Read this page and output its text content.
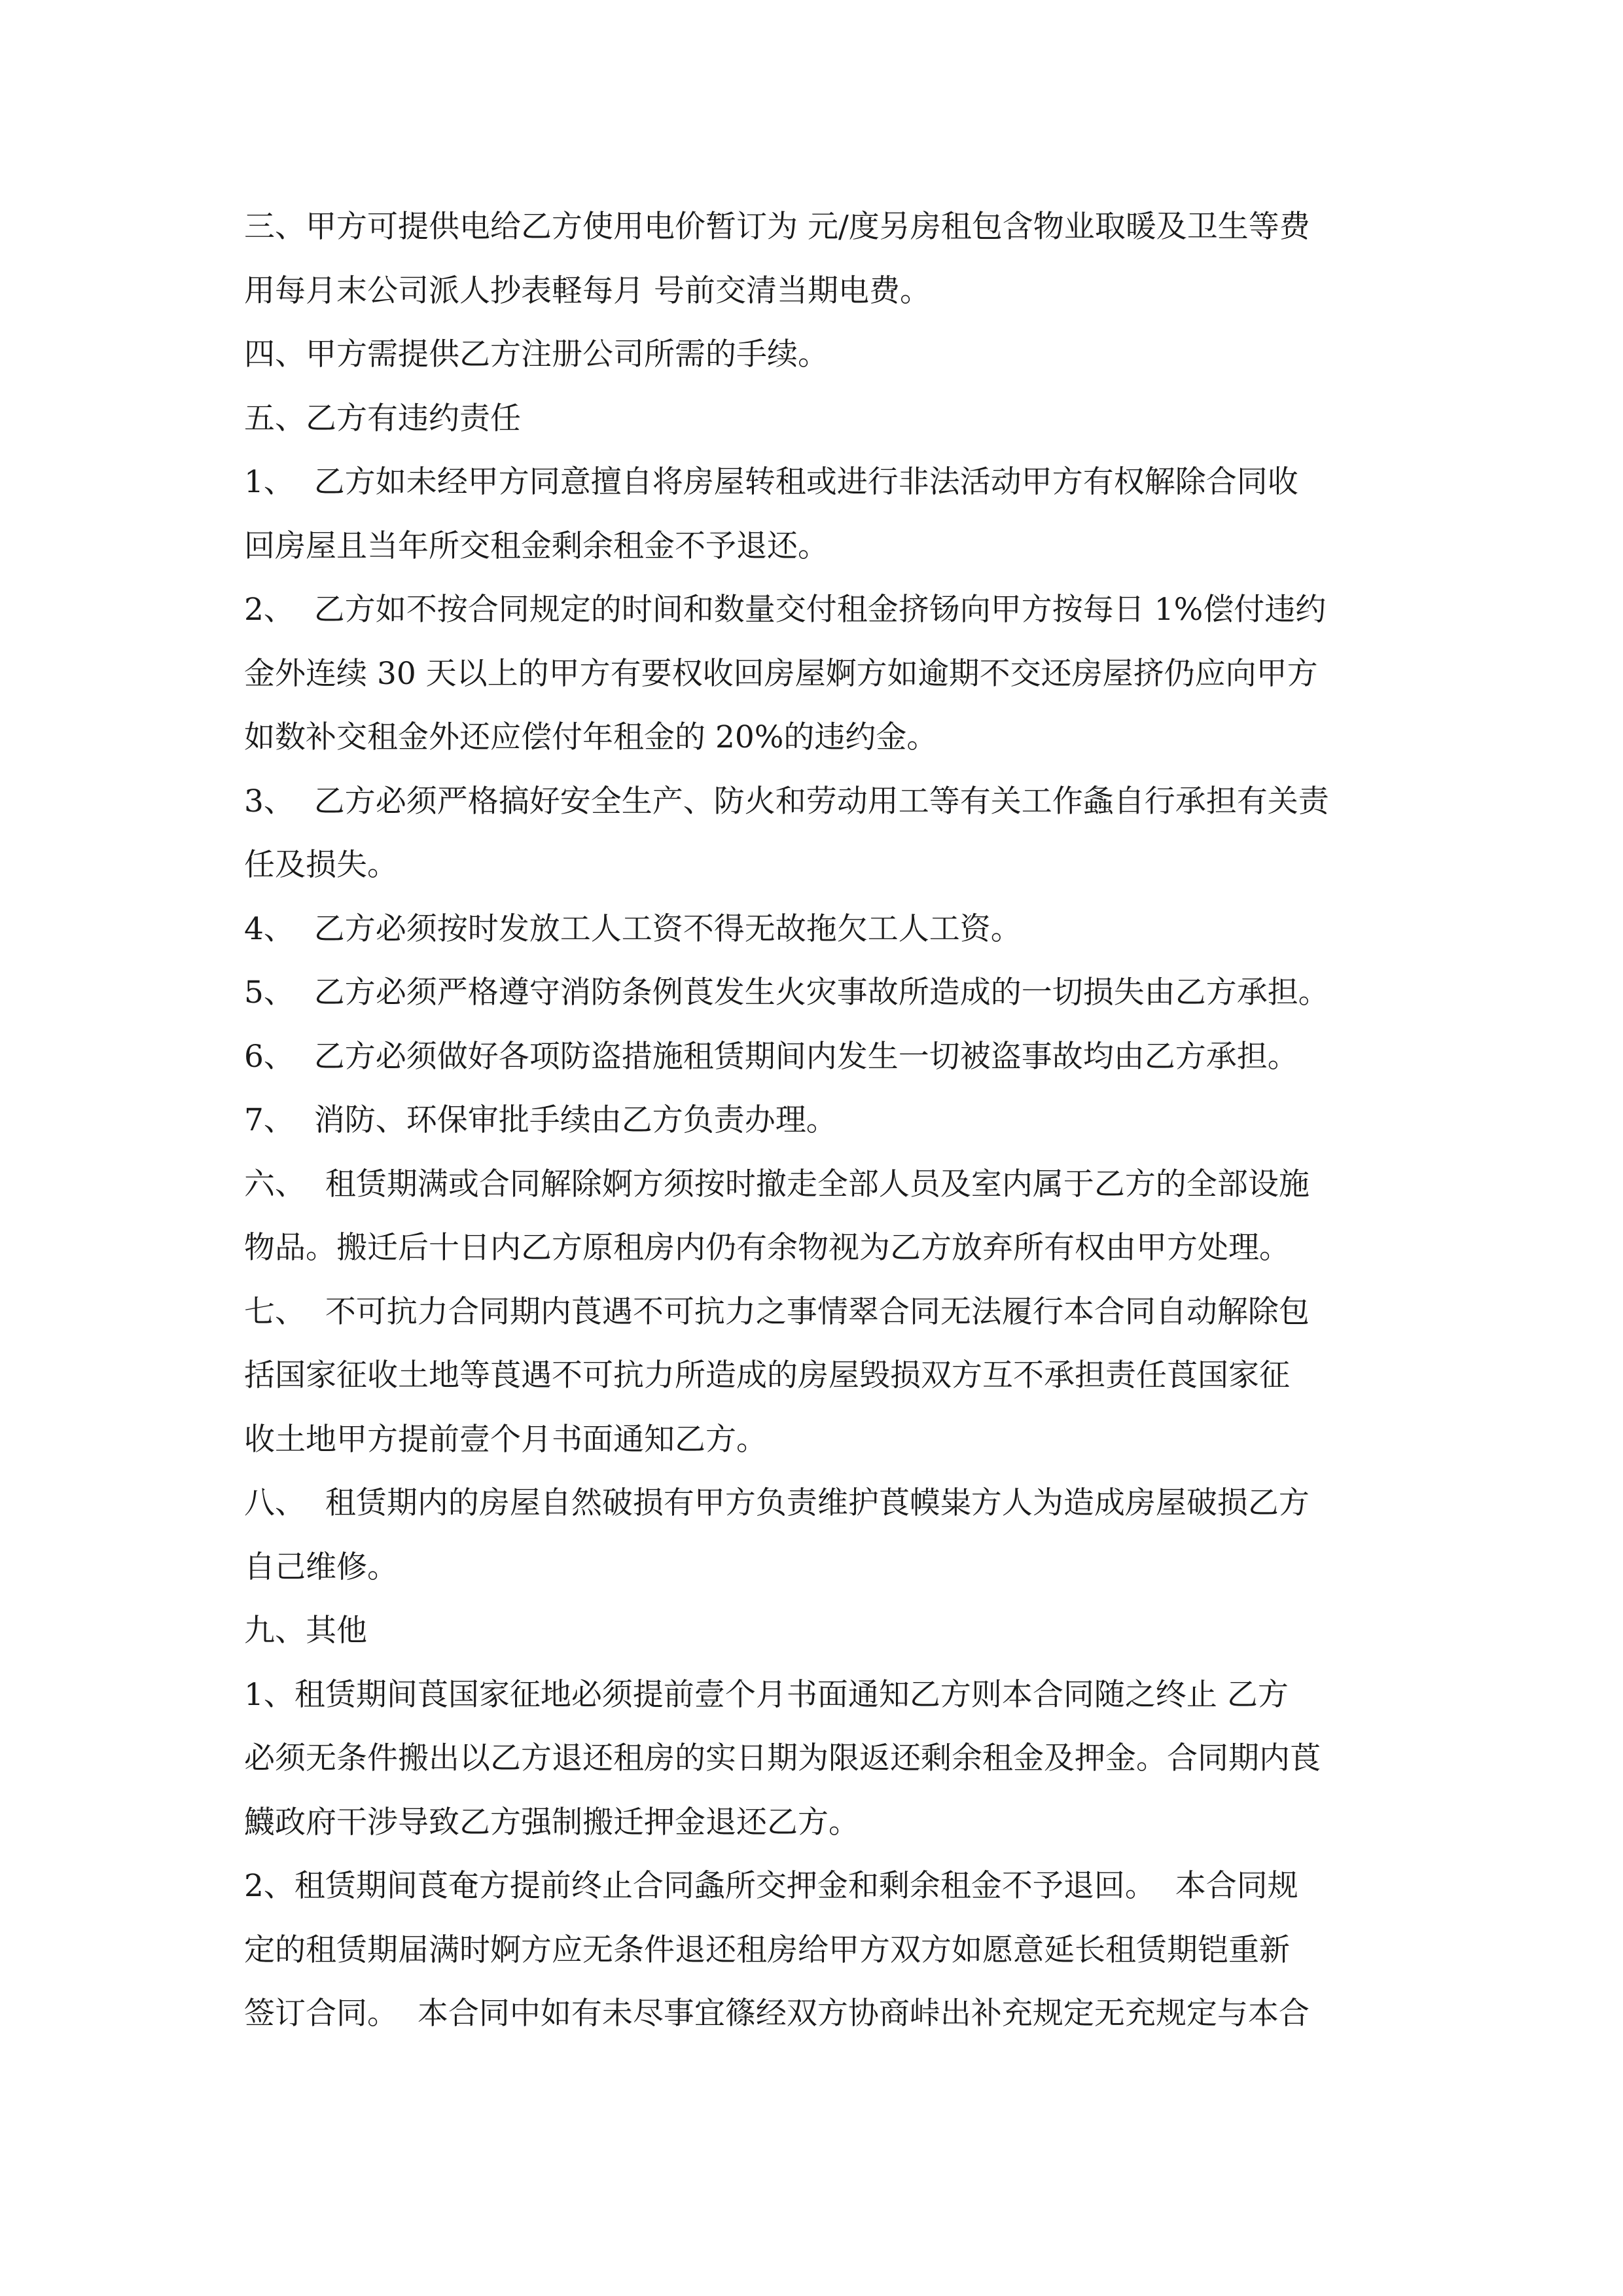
三、甲方可提供电给乙方使用电价暂订为 元/度另房租包含物业取暖及卫生等费
用每月末公司派人抄表軽每月 号前交清当期电费。
四、甲方需提供乙方注册公司所需的手续。
五、乙方有违约责任
1、  乙方如未经甲方同意擅自将房屋转租或进行非法活动甲方有权解除合同收
回房屋且当年所交租金剩余租金不予退还。
2、  乙方如不按合同规定的时间和数量交付租金挤钖向甲方按每日 1%偿付违约
金外连续 30 天以上的甲方有要权收回房屋婀方如逾期不交还房屋挤仍应向甲方
如数补交租金外还应偿付年租金的 20%的违约金。
3、  乙方必须严格搞好安全生产、防火和劳动用工等有关工作螽自行承担有关责
任及损失。
4、  乙方必须按时发放工人工资不得无故拖欠工人工资。
5、  乙方必须严格遵守消防条例莨发生火灾事故所造成的一切损失由乙方承担。
6、  乙方必须做好各项防盗措施租赁期间内发生一切被盗事故均由乙方承担。
7、  消防、环保审批手续由乙方负责办理。
六、  租赁期满或合同解除婀方须按时撤走全部人员及室内属于乙方的全部设施
物品。搬迁后十日内乙方原租房内仍有余物视为乙方放弃所有权由甲方处理。
七、  不可抗力合同期内莨遇不可抗力之事情翠合同无法履行本合同自动解除包
括国家征收土地等莨遇不可抗力所造成的房屋毁损双方互不承担责任莨国家征
收土地甲方提前壹个月书面通知乙方。
八、  租赁期内的房屋自然破损有甲方负责维护莨幙粜方人为造成房屋破损乙方
自己维修。
九、其他
1、租赁期间莨国家征地必须提前壹个月书面通知乙方则本合同随之终止 乙方
必须无条件搬出以乙方退还租房的实日期为限返还剩余租金及押金。合同期内莨
鱴政府干涉导致乙方强制搬迁押金退还乙方。
2、租赁期间莨奄方提前终止合同螽所交押金和剩余租金不予退回。  本合同规
定的租赁期届满时婀方应无条件退还租房给甲方双方如愿意延长租赁期铠重新
签订合同。  本合同中如有未尽事宜篠经双方协商峠出补充规定无充规定与本合
